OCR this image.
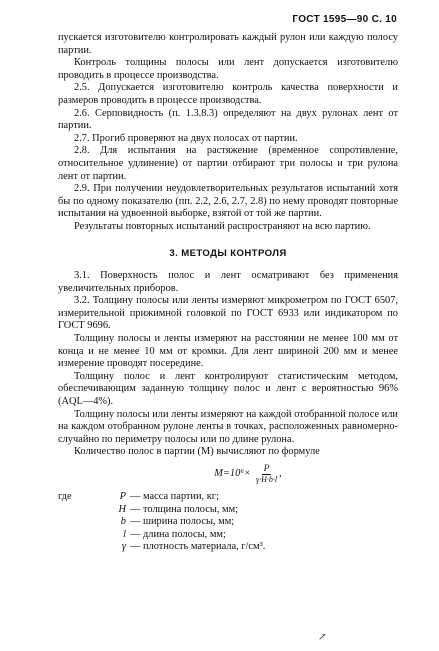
ГОСТ 1595—90 С. 10

пускается изготовителю контролировать каждый рулон или каждую полосу партии.

Контроль толщины полосы или лент допускается изготовителю проводить в процессе производства.

2.5. Допускается изготовителю контроль качества поверхности и размеров проводить в процессе производства.

2.6. Серповидность (п. 1.3.8.3) определяют на двух рулонах лент от партии.

2.7. Прогиб проверяют на двух полосах от партии.

2.8. Для испытания на растяжение (временное сопротивление, относительное удлинение) от партии отбирают три полосы и три рулона лент от партии.

2.9. При получении неудовлетворительных результатов испытаний хотя бы по одному показателю (пп. 2.2, 2.6, 2.7, 2.8) по нему проводят повторные испытания на удвоенной выборке, взятой от той же партии.

Результаты повторных испытаний распространяют на всю партию.

3. МЕТОДЫ КОНТРОЛЯ

3.1. Поверхность полос и лент осматривают без применения увеличительных приборов.

3.2. Толщину полосы или ленты измеряют микрометром по ГОСТ 6507, измерительной прижимной головкой по ГОСТ 6933 или индикатором по ГОСТ 9696.

Толщину полосы и ленты измеряют на расстоянии не менее 100 мм от конца и не менее 10 мм от кромки. Для лент шириной 200 мм и менее измерение проводят посередине.

Толщину полос и лент контролируют статистическим методом, обеспечивающим заданную толщину полос и лент с вероятностью 96% (AQL—4%).

Толщину полосы или ленты измеряют на каждой отобранной полосе или на каждом отобранном рулоне ленты в точках, расположенных равномерно-случайно по периметру полосы или по длине рулона.

Количество полос в партии (M) вычисляют по формуле

$M=10^6\times \frac{P}{\gamma\cdot H\cdot b\cdot l}$ ,
где	P — масса партии, кг;
H — толщина полосы, мм;
b — ширина полосы, мм;
l — длина полосы, мм;
γ — плотность материала, г/см³.
↗
